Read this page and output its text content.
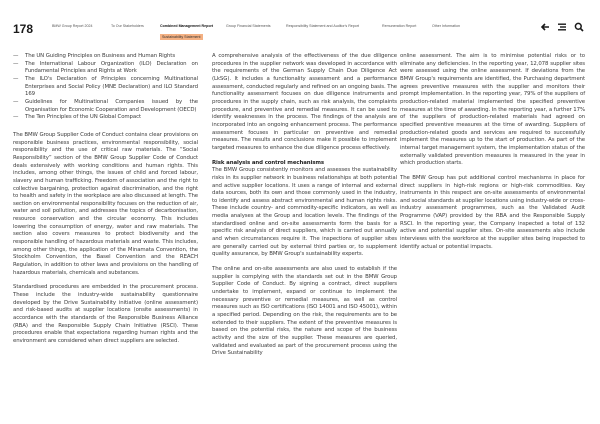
178	BMW Group Report 2024	To Our Stakeholders	Combined Management Report	Group Financial Statements	Responsibility Statement and Auditor's Report	Remuneration Report	Other Information
Sustainability Statement
— The UN Guiding Principles on Business and Human Rights
— The International Labour Organization (ILO) Declaration on Fundamental Principles and Rights at Work
— The ILO's Declaration of Principles concerning Multinational Enterprises and Social Policy (MNE Declaration) and ILO Standard 169
— Guidelines for Multinational Companies issued by the Organisation for Economic Cooperation and Development (OECD)
— The Ten Principles of the UN Global Compact

The BMW Group Supplier Code of Conduct contains clear provisions on responsible business practices, environmental responsibility, social responsibility and the use of critical raw materials. The “Social Responsibility” section of the BMW Group Supplier Code of Conduct deals extensively with working conditions and human rights. This includes, among other things, the issues of child and forced labour, slavery and human trafficking. Freedom of association and the right to collective bargaining, protection against discrimination, and the right to health and safety in the workplace are also discussed at length. The section on environmental responsibility focuses on the reduction of air, water and soil pollution, and addresses the topics of decarbonisation, resource conservation and the circular economy. This includes lowering the consumption of energy, water and raw materials. The section also covers measures to protect biodiversity and the responsible handling of hazardous materials and waste. This includes, among other things, the application of the Minamata Convention, the Stockholm Convention, the Basel Convention and the REACH Regulation, in addition to other laws and provisions on the handling of hazardous materials, chemicals and substances.

Standardised procedures are embedded in the procurement process. These include the industry-wide sustainability questionnaire developed by the Drive Sustainability initiative (online assessment) and risk-based audits at supplier locations (onsite assessments) in accordance with the standards of the Responsible Business Alliance (RBA) and the Responsible Supply Chain Initiative (RSCI). These procedures enable that expectations regarding human rights and the environment are considered when direct suppliers are selected.

A comprehensive analysis of the effectiveness of the due diligence procedures in the supplier network was developed in accordance with the requirements of the German Supply Chain Due Diligence Act (LkSG). It includes a functionality assessment and a performance assessment, conducted regularly and refined on an ongoing basis. The functionality assessment focuses on due diligence instruments and procedures in the supply chain, such as risk analysis, the complaints procedure, and preventive and remedial measures. It can be used to identify weaknesses in the process. The findings of the analysis are incorporated into an ongoing enhancement process. The performance assessment focuses in particular on preventive and remedial measures. The results and conclusions make it possible to implement targeted measures to enhance the due diligence process effectively.

Risk analysis and control mechanisms

The BMW Group consistently monitors and assesses the sustainability risks in its supplier network in business relationships at both potential and active supplier locations. It uses a range of internal and external data sources, both its own and those commonly used in the industry, to identify and assess abstract environmental and human rights risks. These include country- and commodity-specific indicators, as well as media analyses at the Group and location levels. The findings of the standardised online and on-site assessments form the basis for a specific risk analysis of direct suppliers, which is carried out annually and when circumstances require it. The inspections of supplier sites are generally carried out by external third parties or, to supplement quality assurance, by BMW Group's sustainability experts.

The online and on-site assessments are also used to establish if the supplier is complying with the standards set out in the BMW Group Supplier Code of Conduct. By signing a contract, direct suppliers undertake to implement, expand or continue to implement the necessary preventive or remedial measures, as well as control measures such as ISO certifications (ISO 14001 and ISO 45001), within a specified period. Depending on the risk, the requirements are to be extended to their suppliers. The extent of the preventive measures is based on the potential risks, the nature and scope of the business activity and the size of the supplier. These measures are queried, validated and evaluated as part of the procurement process using the Drive Sustainability

online assessment. The aim is to minimise potential risks or to eliminate any deficiencies. In the reporting year, 12,078 supplier sites were assessed using the online assessment. If deviations from the BMW Group's requirements are identified, the Purchasing department agrees preventive measures with the supplier and monitors their prompt implementation. In the reporting year, 79% of the suppliers of production-related material implemented the specified preventive measures at the time of awarding. In the reporting year, a further 17% of the suppliers of production-related materials had agreed on specified preventive measures at the time of awarding. Suppliers of production-related goods and services are required to successfully implement the measures up to the start of production. As part of the internal target management system, the implementation status of the externally validated prevention measures is measured in the year in which production starts.

The BMW Group has put additional control mechanisms in place for direct suppliers in high-risk regions or high-risk commodities. Key instruments in this respect are on-site assessments of environmental and social standards at supplier locations using industry-wide or cross-industry assessment programmes, such as the Validated Audit Programme (VAP) provided by the RBA and the Responsible Supply RSCI. In the reporting year, the Company inspected a total of 132 active and potential supplier sites. On-site assessments also include interviews with the workforce at the supplier sites being inspected to identify actual or potential impacts.
